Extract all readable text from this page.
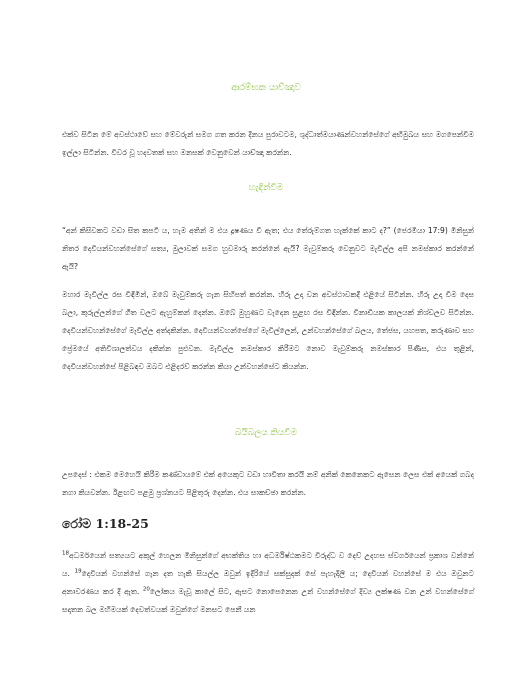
ආරම්භක යාච්ඤාව
එක්ව සිටින මේ අවස්ථාවේ සහ මේවරුන් සමග ගත කරන දිනය පුරාවටම, ශුද්ධාත්මයාණන්වහන්සේගේ අභිමුඛය සහ මගපෙන්වීම ඉල්ලා සිටින්න. විවර වූ හදවතක් සහ මනසක් වෙනුවෙන් යාච්ඤා කරන්න.
හැඳින්වීම
“අන් කිසිවකට වඩා සිත කපටි ය, හැම අතින් ම එය දූෂණය වී ඇත; එය තේරුම්ගත හැක්කේ කාට ද?” (ජෙරමියා 17:9) මිනිසුන් නිතර දෙවියන්වහන්සේගේ සත්‍ය, මුලාවක් සමග හුවමාරු කරන්නේ ඇයි? මැවුම්කරු වෙනුවට මැවිල්ල අපි නමස්කාර කරන්නේ ඇයි?
මහාර මැවිල්ල රස විඳිමින්, ඔබේ මැවුම්කරු ගැන සිහිපත් කරන්න. හිරු උදා වන අවස්ථාවකදී එළියේ සිටින්න. හිරු උදා වීම දෙස බලා, කුරුල්ලන්ගේ ගීත වලට ඇහුම්කන් දෙන්න. ඔබේ මුහුණට වැදෙන සුළඟ රස විඳින්න. විනාඩියක කාලයක් නිශ්චලව සිටින්න. දෙවියන්වහන්සේගේ මැවිල්ල අත්දකින්න. දෙවියන්වහන්සේගේ මැවිල්ලෙන්, උන්වහන්සේගේ බලය, තේජස, යහපත, කරුණාව සහ ප්‍රේමයේ අතිවිශාලත්වය දකින්න පුළුවන. මැවිල්ල නමස්කාර කිරීමට නොව මැවුම්කරු නමස්කාර පිණිස, එය තුළින්, දෙවියන්වහන්සේ පිළිබඳව ඔබට එළිදරව් කරන්න කියා උන්වහන්සේට කියන්න.
බයිබලය කියවීම
උපදෙස් : එකම මෙහෙයි කිරීම කණ්ඩායමේ එක් අයෙකුට වඩා හාවිතා කරයි නම් අනික් කෙනෙකට ඇසෙන ලෙස එක් අයෙක් ගබද නගා කියවන්න. ඊළඟට පළමු ප්‍රශ්නයට පිළිතුරු දෙන්න. එය සාකච්ඡා කරන්න.
රෝම 1:18-25
$^{18}$අධර්මයෙන් සත්‍යයට අකුල් හෙලන මිනිසුන්ගේ අභක්තිය හා අධර්මිෂ්ඨකමට විරුද්ධ ව දෙව් උදහස ස්වර්ගයෙන් ප්‍රකාශ වන්නේ ය. $^{19}$දෙවියන් වහන්සේ ගැන දත හැකි සියල්ල ඔවුන් ඉදිරියේ සක්සුදක් සේ පැහැදිලි ය; දෙවියන් වහන්සේ ම එය ඔවුනට අනාවරණය කර දී ඇත. $^{20}$ලෝකය මැවූ කාලේ සිට, ඇසට නොපෙනෙන උන් වහන්සේගේ දිව්‍ය ලක්ෂණ වන උන් වහන්සේගේ සදාතන බල මහිමයක් දෙවත්වයක් ඔවුන්ගේ මනසට පෙනී යන
